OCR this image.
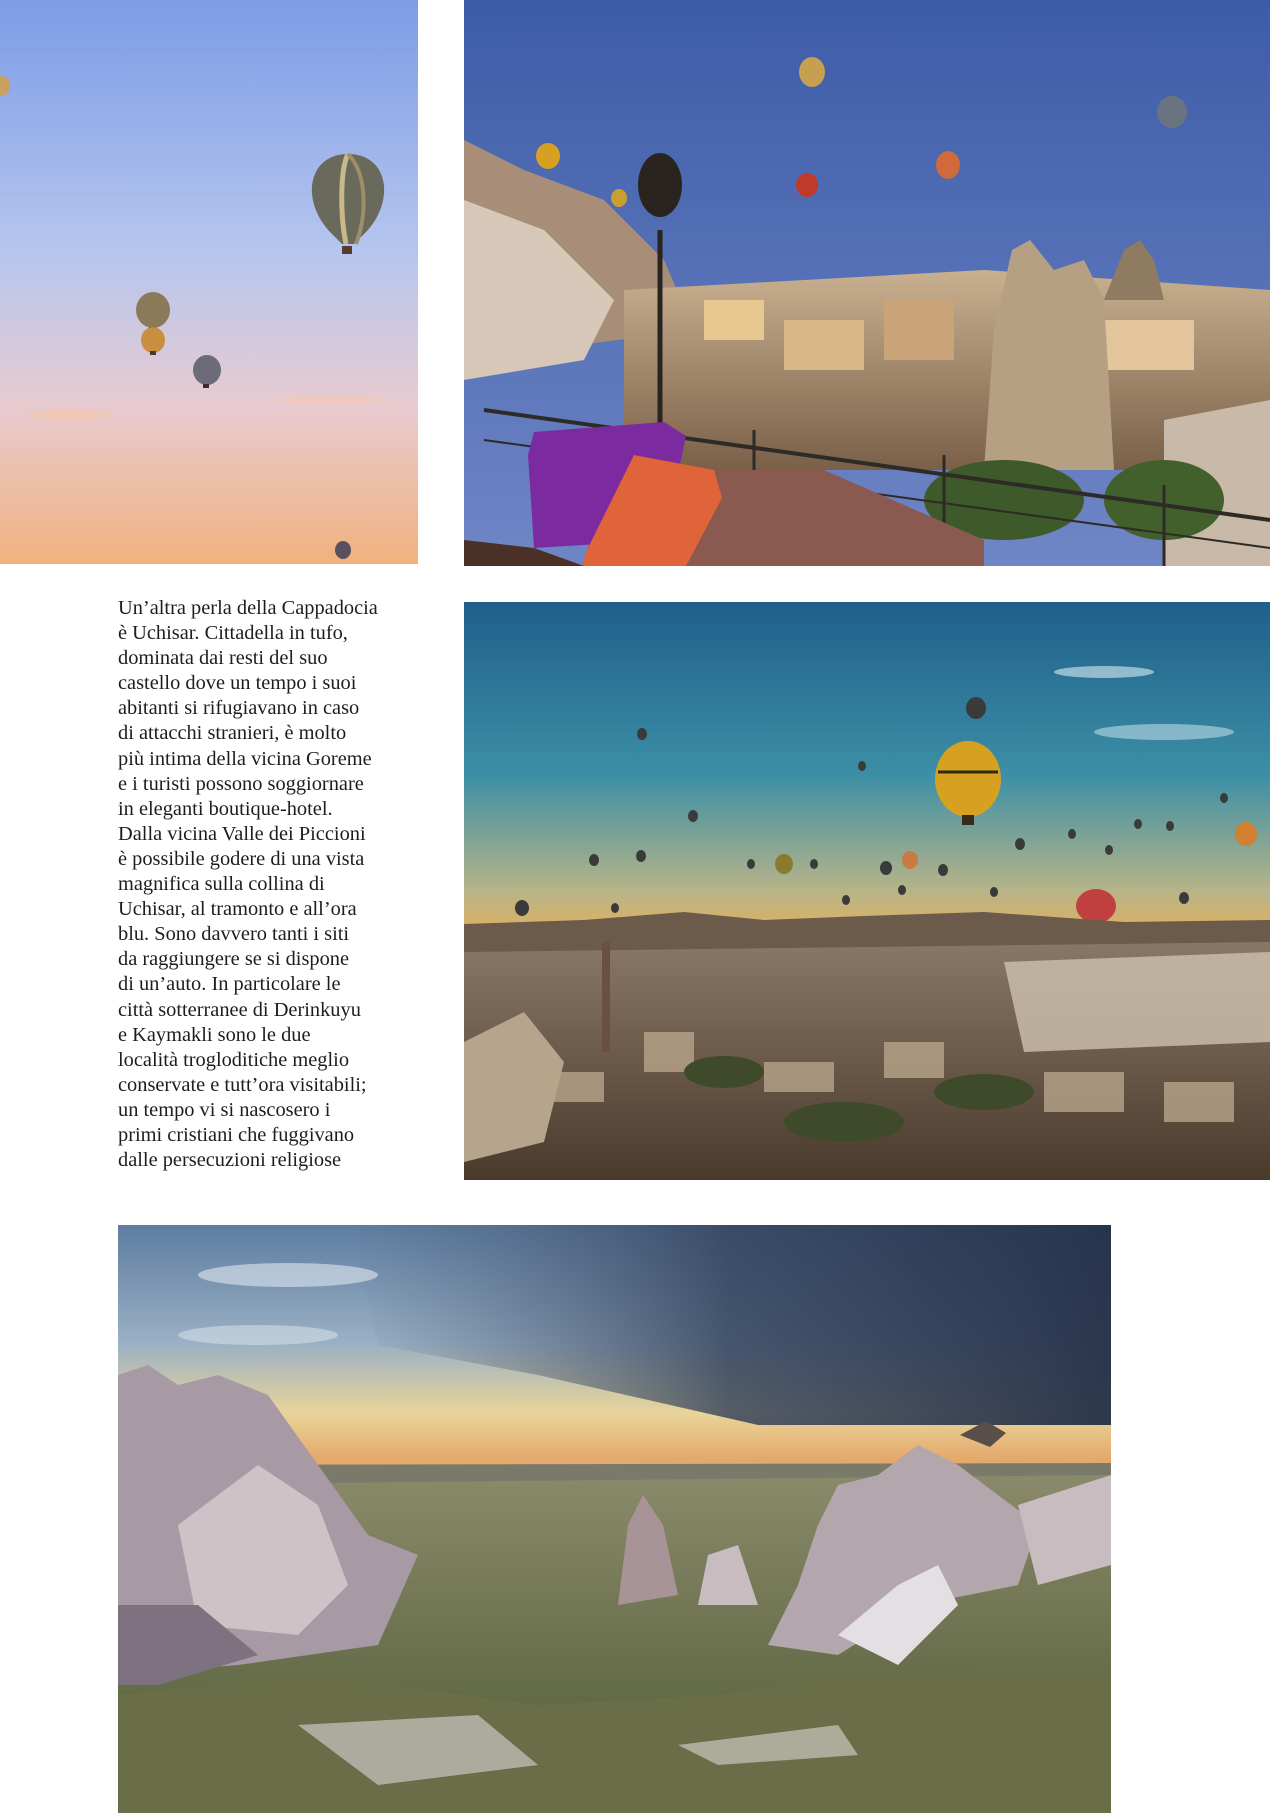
Un’altra perla della Cappadocia
è Uchisar. Cittadella in tufo,
dominata dai resti del suo
castello dove un tempo i suoi
abitanti si rifugiavano in caso
di attacchi stranieri, è molto
più intima della vicina Goreme
e i turisti possono soggiornare
in eleganti boutique-hotel.
Dalla vicina Valle dei Piccioni
è possibile godere di una vista
magnifica sulla collina di
Uchisar, al tramonto e all’ora
blu. Sono davvero tanti i siti
da raggiungere se si dispone
di un’auto. In particolare le
città sotterranee di Derinkuyu
e Kaymakli sono le due
località trogloditiche meglio
conservate e tutt’ora visitabili;
un tempo vi si nascosero i
primi cristiani che fuggivano
dalle persecuzioni religiose
